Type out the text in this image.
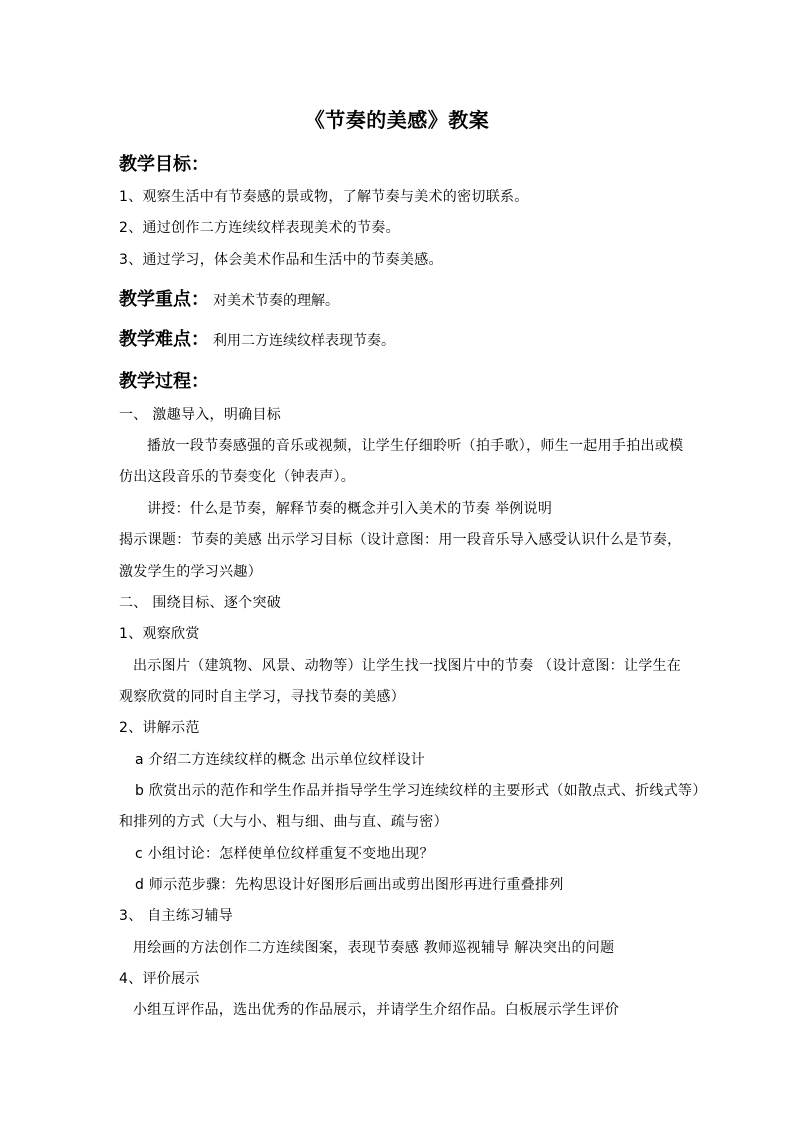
《节奏的美感》教案
教学目标：
1、观察生活中有节奏感的景或物，了解节奏与美术的密切联系。
2、通过创作二方连续纹样表现美术的节奏。
3、通过学习，体会美术作品和生活中的节奏美感。
教学重点： 对美术节奏的理解。
教学难点： 利用二方连续纹样表现节奏。
教学过程：
一、 激趣导入，明确目标
播放一段节奏感强的音乐或视频，让学生仔细聆听（拍手歌），师生一起用手拍出或模
仿出这段音乐的节奏变化（钟表声）。
讲授：什么是节奏，解释节奏的概念并引入美术的节奏 举例说明
揭示课题：节奏的美感 出示学习目标（设计意图：用一段音乐导入感受认识什么是节奏，
激发学生的学习兴趣）
二、 围绕目标、逐个突破
1、观察欣赏
出示图片（建筑物、风景、动物等）让学生找一找图片中的节奏 （设计意图：让学生在
观察欣赏的同时自主学习，寻找节奏的美感）
2、讲解示范
a 介绍二方连续纹样的概念 出示单位纹样设计
b 欣赏出示的范作和学生作品并指导学生学习连续纹样的主要形式（如散点式、折线式等）
和排列的方式（大与小、粗与细、曲与直、疏与密）
c 小组讨论：怎样使单位纹样重复不变地出现？
d 师示范步骤：先构思设计好图形后画出或剪出图形再进行重叠排列
3、 自主练习辅导
用绘画的方法创作二方连续图案，表现节奏感 教师巡视辅导 解决突出的问题
4、评价展示
小组互评作品，选出优秀的作品展示，并请学生介绍作品。白板展示学生评价
